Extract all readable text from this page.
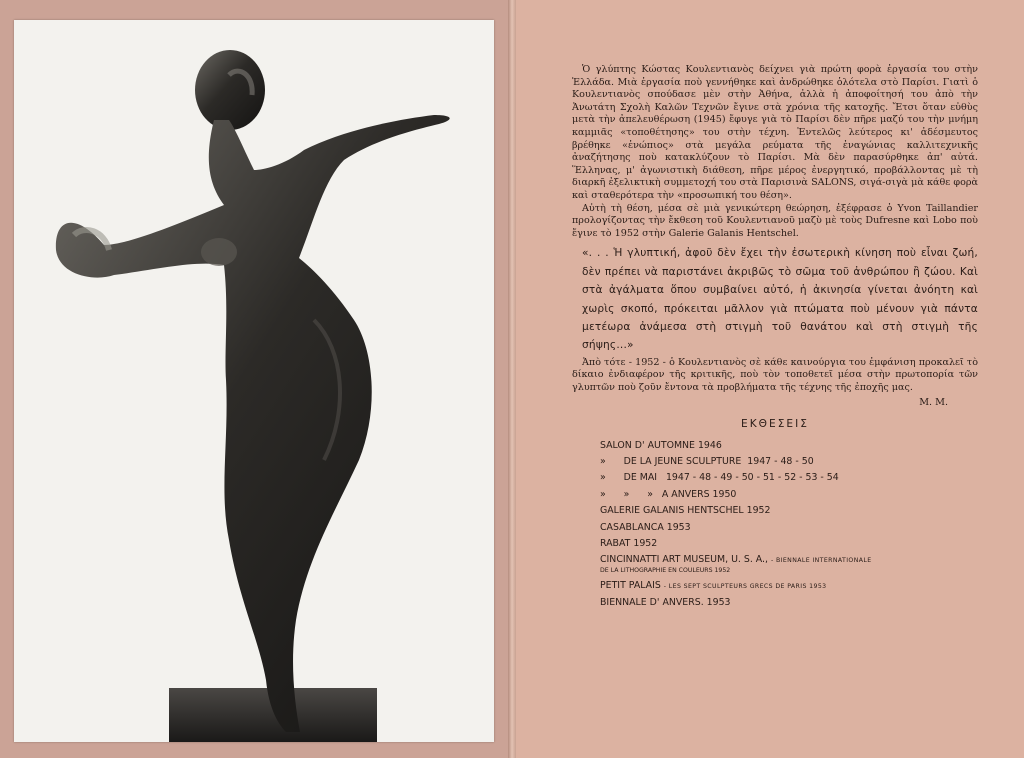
Ὁ γλύπτης Κώστας Κουλεντιανὸς δείχνει γιὰ πρώτη φορὰ ἐργασία του στὴν Ἑλλάδα. Μιὰ ἐργασία ποὺ γεννήθηκε καὶ ἀνδρώθηκε ὁλότελα στὸ Παρίσι. Γιατὶ ὁ Κουλεντιανὸς σπούδασε μὲν στὴν Ἀθήνα, ἀλλὰ ἡ ἀποφοίτησή του ἀπὸ τὴν Ἀνωτάτη Σχολὴ Καλῶν Τεχνῶν ἔγινε στὰ χρόνια τῆς κατοχῆς. Ἔτσι ὅταν εὐθὺς μετὰ τὴν ἀπελευθέρωση (1945) ἔφυγε γιὰ τὸ Παρίσι δὲν πῆρε μαζύ του τὴν μνήμη καμμιᾶς «τοποθέτησης» του στὴν τέχνη. Ἐντελῶς λεύτερος κι' ἀδέσμευτος βρέθηκε «ἐνώπιος» στὰ μεγάλα ρεύματα τῆς ἐναγώνιας καλλιτεχνικῆς ἀναζήτησης ποὺ κατακλύζουν τὸ Παρίσι. Μὰ δὲν παρασύρθηκε ἀπ' αὐτά. Ἕλληνας, μ' ἀγωνιστικὴ διάθεση, πῆρε μέρος ἐνεργητικό, προβάλλοντας μὲ τὴ διαρκῆ ἐξελικτικὴ συμμετοχή του στὰ Παρισινὰ SALONS, σιγά-σιγὰ μὰ κάθε φορὰ καὶ σταθερότερα τὴν «προσωπική του θέση».

Αὐτὴ τὴ θέση, μέσα σὲ μιὰ γενικώτερη θεώρηση, ἐξέφρασε ὁ Yvon Taillandier προλογίζοντας τὴν ἔκθεση τοῦ Κουλεντιανοῦ μαζὺ μὲ τοὺς Dufresne καὶ Lobo ποὺ ἔγινε τὸ 1952 στὴν Galerie Galanis Hentschel.

«. . . Ἡ γλυπτική, ἀφοῦ δὲν ἔχει τὴν ἐσωτερικὴ κίνηση ποὺ εἶναι ζωή, δὲν πρέπει νὰ παριστάνει ἀκριβῶς τὸ σῶμα τοῦ ἀνθρώπου ἢ ζώου. Καὶ στὰ ἀγάλματα ὅπου συμβαίνει αὐτό, ἡ ἀκινησία γίνεται ἀνόητη καὶ χωρὶς σκοπό, πρόκειται μᾶλλον γιὰ πτώματα ποὺ μένουν γιὰ πάντα μετέωρα ἀνάμεσα στὴ στιγμὴ τοῦ θανάτου καὶ στὴ στιγμὴ τῆς σήψης...»

Ἀπὸ τότε - 1952 - ὁ Κουλεντιανὸς σὲ κάθε καινούργια του ἐμφάνιση προκαλεῖ τὸ δίκαιο ἐνδιαφέρον τῆς κριτικῆς, ποὺ τὸν τοποθετεῖ μέσα στὴν πρωτοπορία τῶν γλυπτῶν ποὺ ζοῦν ἔντονα τὰ προβλήματα τῆς τέχνης τῆς ἐποχῆς μας.

Μ. Μ.

ΕΚΘΕΣΕΙΣ
SALON D' AUTOMNE 1946
»      DE LA JEUNE SCULPTURE  1947 - 48 - 50
»      DE MAI   1947 - 48 - 49 - 50 - 51 - 52 - 53 - 54
»      »      »   A ANVERS 1950
GALERIE GALANIS HENTSCHEL 1952
CASABLANCA 1953
RABAT 1952
CINCINNATTI ART MUSEUM, U. S. A., - BIENNALE INTERNATIONALE
DE LA LITHOGRAPHIE EN COULEURS 1952
PETIT PALAIS - LES SEPT SCULPTEURS GRECS DE PARIS 1953
BIENNALE D' ANVERS. 1953
